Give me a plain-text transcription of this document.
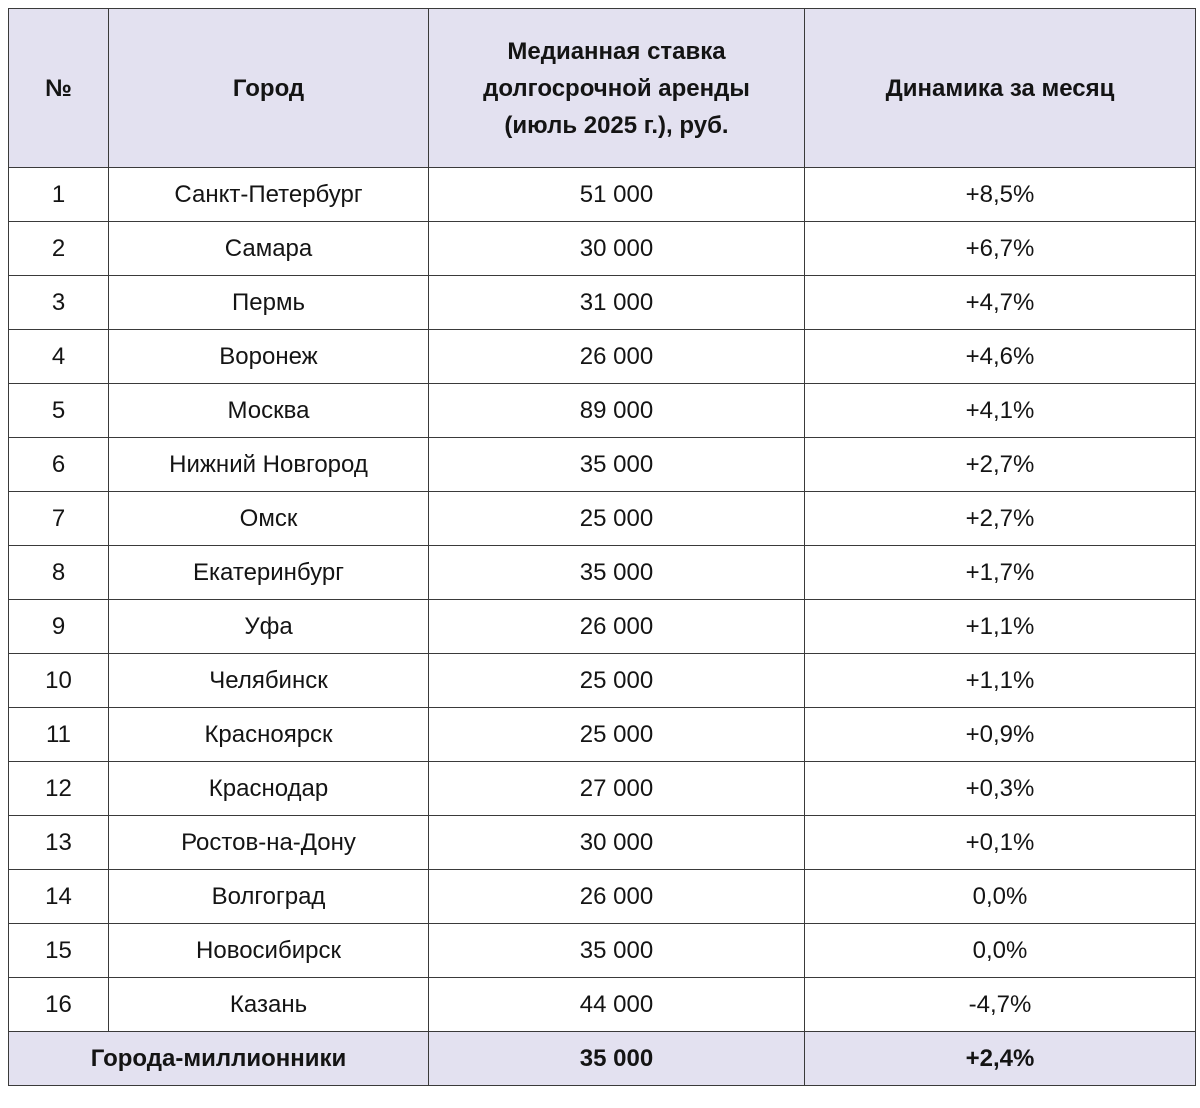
№	Город	Медианная ставка
долгосрочной аренды
(июль 2025 г.), руб.	Динамика за месяц
1	Санкт-Петербург	51 000	+8,5%
2	Самара	30 000	+6,7%
3	Пермь	31 000	+4,7%
4	Воронеж	26 000	+4,6%
5	Москва	89 000	+4,1%
6	Нижний Новгород	35 000	+2,7%
7	Омск	25 000	+2,7%
8	Екатеринбург	35 000	+1,7%
9	Уфа	26 000	+1,1%
10	Челябинск	25 000	+1,1%
11	Красноярск	25 000	+0,9%
12	Краснодар	27 000	+0,3%
13	Ростов-на-Дону	30 000	+0,1%
14	Волгоград	26 000	0,0%
15	Новосибирск	35 000	0,0%
16	Казань	44 000	-4,7%
Города-миллионники		35 000	+2,4%
